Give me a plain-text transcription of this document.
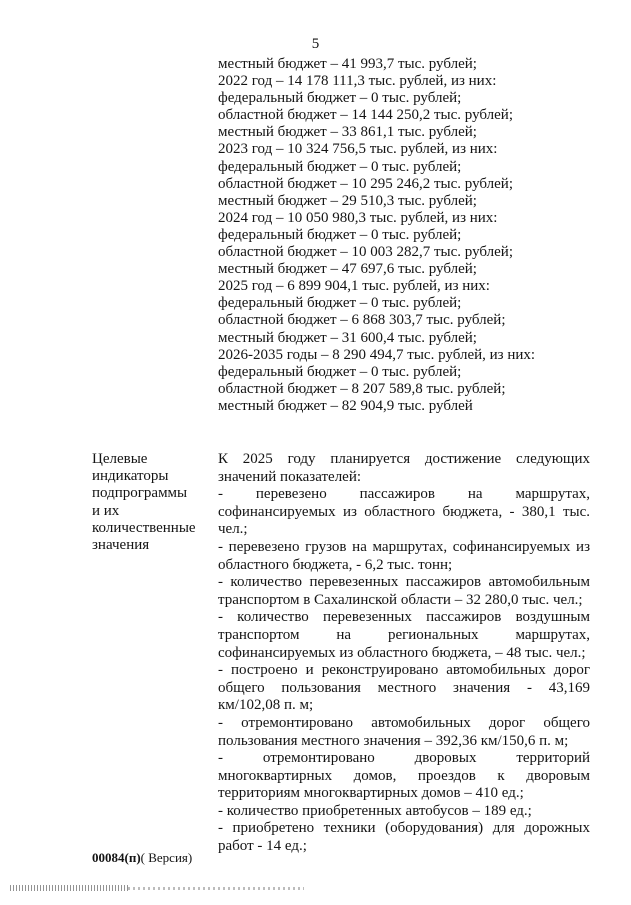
5
местный бюджет – 41 993,7 тыс. рублей;
2022 год – 14 178 111,3 тыс. рублей, из них:
федеральный бюджет – 0 тыс. рублей;
областной бюджет – 14 144 250,2 тыс. рублей;
местный бюджет – 33 861,1 тыс. рублей;
2023 год – 10 324 756,5 тыс. рублей, из них:
федеральный бюджет – 0 тыс. рублей;
областной бюджет – 10 295 246,2 тыс. рублей;
местный бюджет – 29 510,3 тыс. рублей;
2024 год – 10 050 980,3 тыс. рублей, из них:
федеральный бюджет – 0 тыс. рублей;
областной бюджет – 10 003 282,7 тыс. рублей;
местный бюджет – 47 697,6 тыс. рублей;
2025 год – 6 899 904,1 тыс. рублей, из них:
федеральный бюджет – 0 тыс. рублей;
областной бюджет – 6 868 303,7 тыс. рублей;
местный бюджет – 31 600,4 тыс. рублей;
2026-2035 годы – 8 290 494,7 тыс. рублей, из них:
федеральный бюджет – 0 тыс. рублей;
областной бюджет – 8 207 589,8 тыс. рублей;
местный бюджет – 82 904,9 тыс. рублей
Целевые
индикаторы
подпрограммы
и их
количественные
значения

К 2025 году планируется достижение следующих значений показателей:

- перевезено пассажиров на маршрутах, софинансируемых из областного бюджета, - 380,1 тыс. чел.;

- перевезено грузов на маршрутах, софинансируемых из областного бюджета, - 6,2 тыс. тонн;

- количество перевезенных пассажиров автомобильным транспортом в Сахалинской области – 32 280,0 тыс. чел.;

- количество перевезенных пассажиров воздушным транспортом на региональных маршрутах, софинансируемых из областного бюджета, – 48 тыс. чел.;

- построено и реконструировано автомобильных дорог общего пользования местного значения - 43,169 км/102,08 п. м;

- отремонтировано автомобильных дорог общего пользования местного значения – 392,36 км/150,6 п. м;

- отремонтировано дворовых территорий многоквартирных домов, проездов к дворовым территориям многоквартирных домов – 410 ед.;

- количество приобретенных автобусов – 189 ед.;

- приобретено техники (оборудования) для дорожных работ - 14 ед.;

00084(п)( Версия)
